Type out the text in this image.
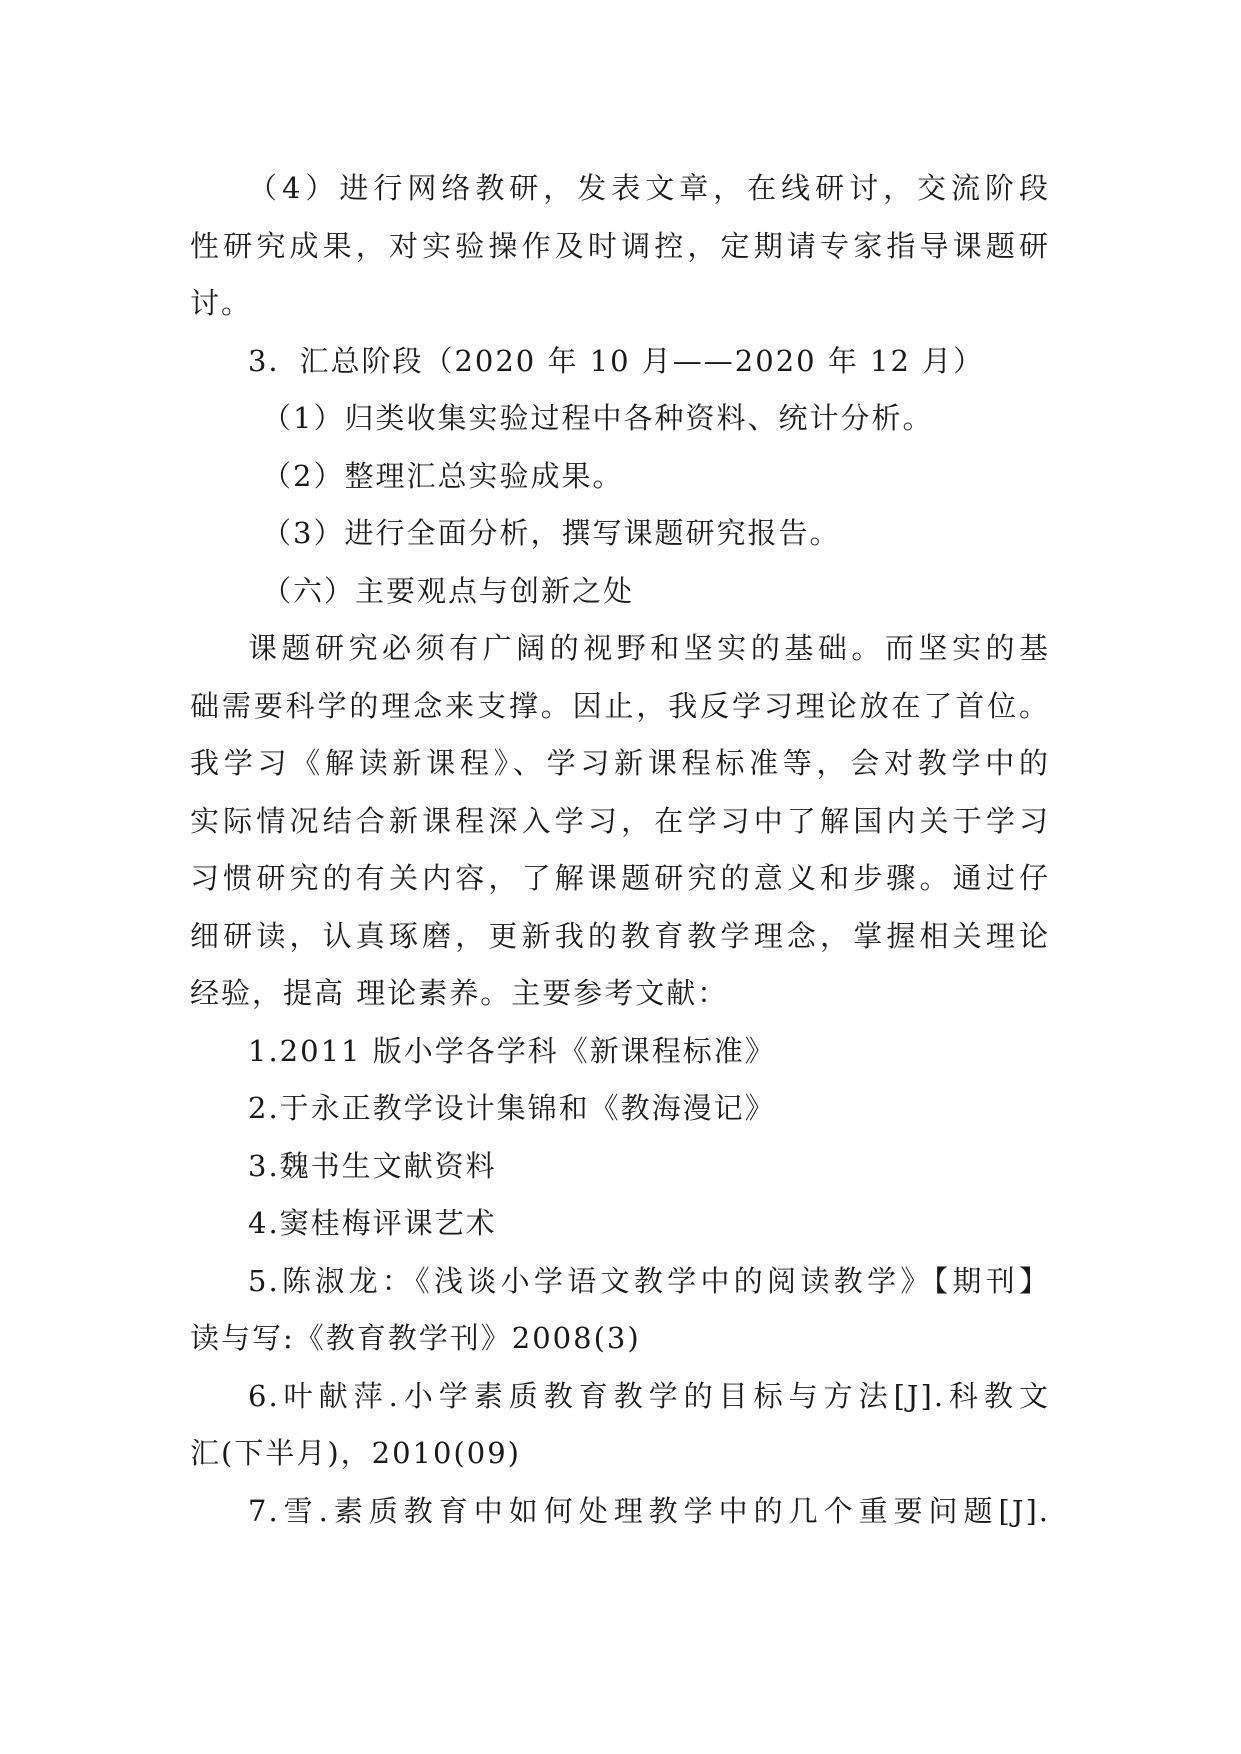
（4）进行网络教研，发表文章，在线研讨，交流阶段
性研究成果，对实验操作及时调控，定期请专家指导课题研
讨。
3．汇总阶段（2020 年 10 月——2020 年 12 月）
（1）归类收集实验过程中各种资料、统计分析。
（2）整理汇总实验成果。
（3）进行全面分析，撰写课题研究报告。
（六）主要观点与创新之处
课题研究必须有广阔的视野和坚实的基础。而坚实的基
础需要科学的理念来支撑。因止，我反学习理论放在了首位。
我学习《解读新课程》、学习新课程标准等，会对教学中的
实际情况结合新课程深入学习，在学习中了解国内关于学习
习惯研究的有关内容，了解课题研究的意义和步骤。通过仔
细研读，认真琢磨，更新我的教育教学理念，掌握相关理论
经验，提高 理论素养。主要参考文献：
1.2011 版小学各学科《新课程标准》
2.于永正教学设计集锦和《教海漫记》
3.魏书生文献资料
4.窦桂梅评课艺术
5.陈淑龙：《浅谈小学语文教学中的阅读教学》【期刊】
读与写:《教育教学刊》2008(3)
6.叶献萍.小学素质教育教学的目标与方法[J].科教文
汇(下半月)，2010(09)
7.雪.素质教育中如何处理教学中的几个重要问题[J].
